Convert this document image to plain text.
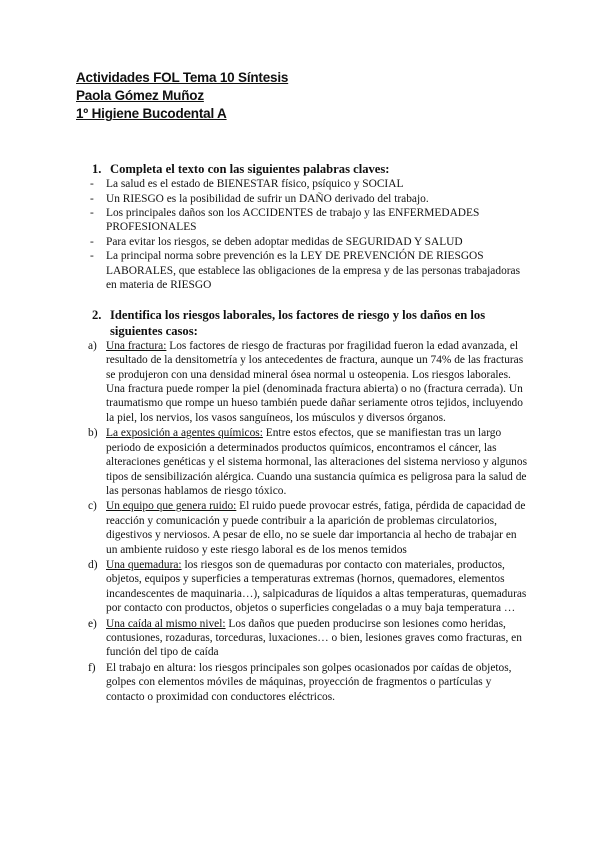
Actividades FOL Tema 10 Síntesis
Paola Gómez Muñoz
1º Higiene Bucodental A
1. Completa el texto con las siguientes palabras claves:
- La salud es el estado de BIENESTAR físico, psíquico y SOCIAL
- Un RIESGO es la posibilidad de sufrir un DAÑO derivado del trabajo.
- Los principales daños son los ACCIDENTES de trabajo y las ENFERMEDADES PROFESIONALES
- Para evitar los riesgos, se deben adoptar medidas de SEGURIDAD Y SALUD
- La principal norma sobre prevención es la LEY DE PREVENCIÓN DE RIESGOS LABORALES, que establece las obligaciones de la empresa y de las personas trabajadoras en materia de RIESGO
2. Identifica los riesgos laborales, los factores de riesgo y los daños en los siguientes casos:
a) Una fractura: Los factores de riesgo de fracturas por fragilidad fueron la edad avanzada, el resultado de la densitometría y los antecedentes de fractura, aunque un 74% de las fracturas se produjeron con una densidad mineral ósea normal u osteopenia. Los riesgos laborales. Una fractura puede romper la piel (denominada fractura abierta) o no (fractura cerrada). Un traumatismo que rompe un hueso también puede dañar seriamente otros tejidos, incluyendo la piel, los nervios, los vasos sanguíneos, los músculos y diversos órganos.
b) La exposición a agentes químicos: Entre estos efectos, que se manifiestan tras un largo periodo de exposición a determinados productos químicos, encontramos el cáncer, las alteraciones genéticas y el sistema hormonal, las alteraciones del sistema nervioso y algunos tipos de sensibilización alérgica. Cuando una sustancia química es peligrosa para la salud de las personas hablamos de riesgo tóxico.
c) Un equipo que genera ruido: El ruido puede provocar estrés, fatiga, pérdida de capacidad de reacción y comunicación y puede contribuir a la aparición de problemas circulatorios, digestivos y nerviosos. A pesar de ello, no se suele dar importancia al hecho de trabajar en un ambiente ruidoso y este riesgo laboral es de los menos temidos
d) Una quemadura: los riesgos son de quemaduras por contacto con materiales, productos, objetos, equipos y superficies a temperaturas extremas (hornos, quemadores, elementos incandescentes de maquinaria…), salpicaduras de líquidos a altas temperaturas, quemaduras por contacto con productos, objetos o superficies congeladas o a muy baja temperatura …
e) Una caída al mismo nivel: Los daños que pueden producirse son lesiones como heridas, contusiones, rozaduras, torceduras, luxaciones… o bien, lesiones graves como fracturas, en función del tipo de caída
f) El trabajo en altura: los riesgos principales son golpes ocasionados por caídas de objetos, golpes con elementos móviles de máquinas, proyección de fragmentos o partículas y contacto o proximidad con conductores eléctricos.
